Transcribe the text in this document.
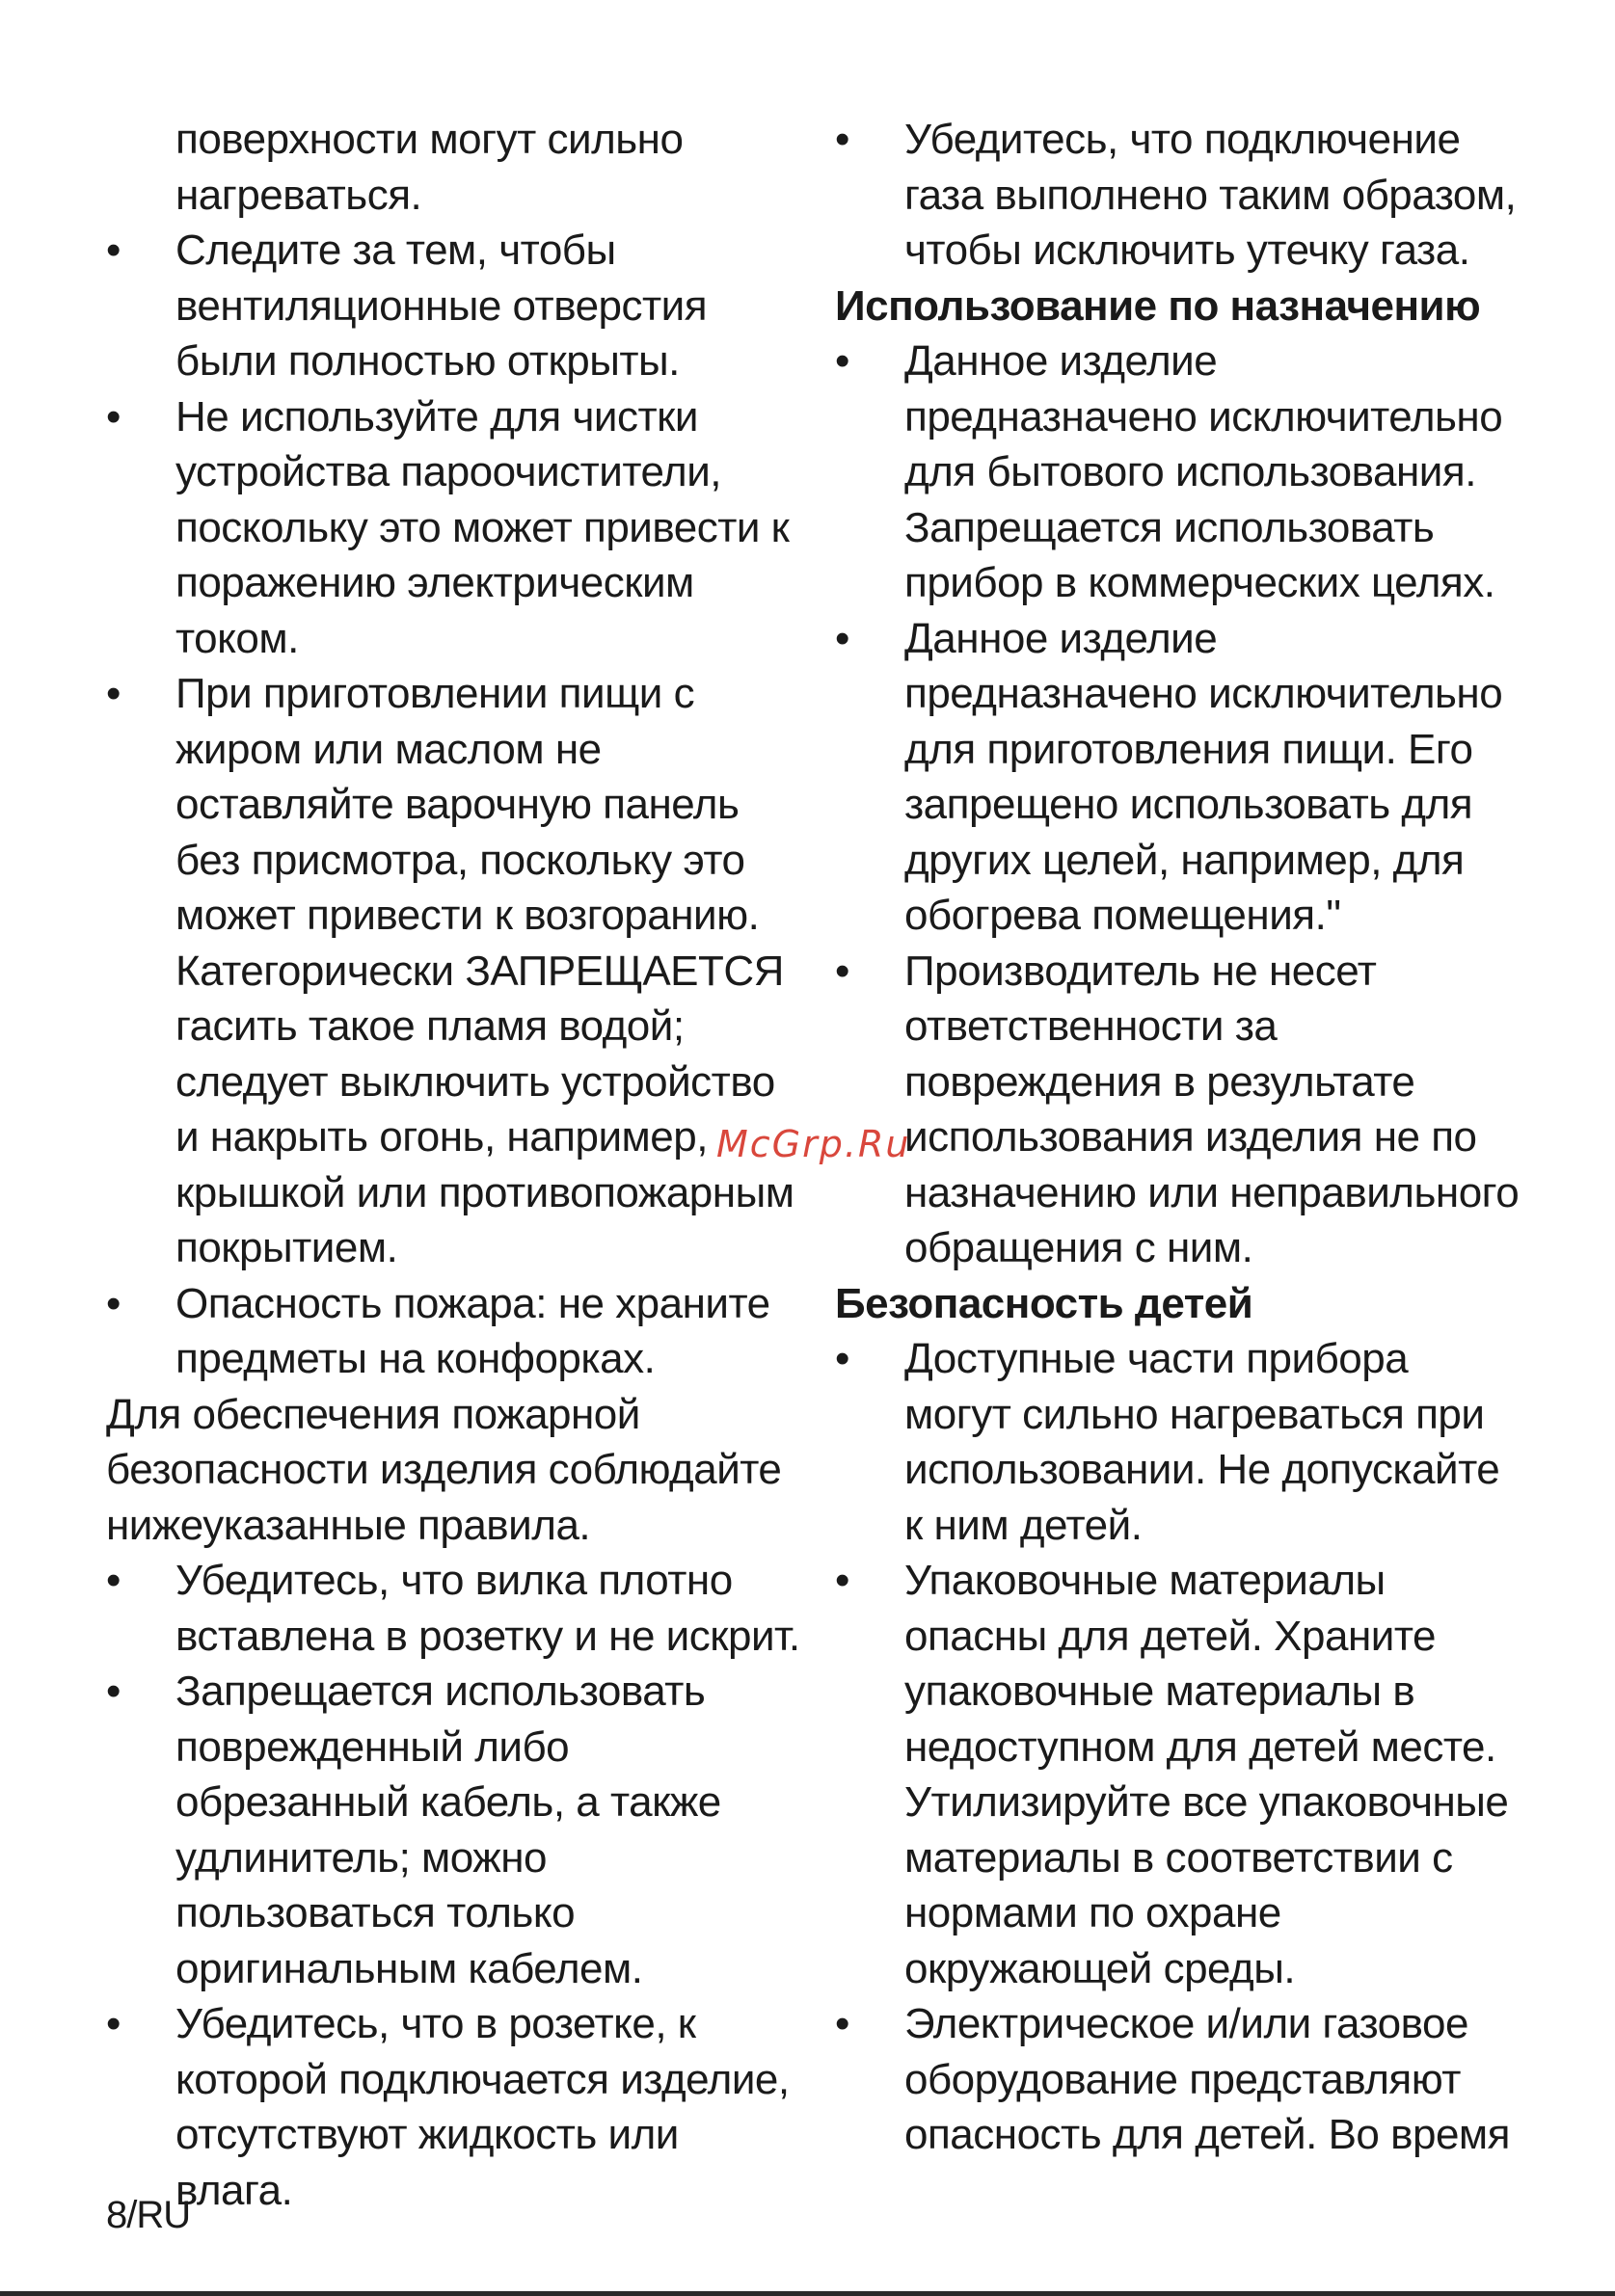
поверхности могут сильно нагреваться.
• Следите за тем, чтобы вентиляционные отверстия были полностью открыты.
• Не используйте для чистки устройства пароочистители, поскольку это может привести к поражению электрическим током.
• При приготовлении пищи с жиром или маслом не оставляйте варочную панель без присмотра, поскольку это может привести к возгоранию. Категорически ЗАПРЕЩАЕТСЯ гасить такое пламя водой; следует выключить устройство и накрыть огонь, например, крышкой или противопожарным покрытием.
• Опасность пожара: не храните предметы на конфорках.

Для обеспечения пожарной безопасности изделия соблюдайте нижеуказанные правила.

• Убедитесь, что вилка плотно вставлена в розетку и не искрит.
• Запрещается использовать поврежденный либо обрезанный кабель, а также удлинитель; можно пользоваться только оригинальным кабелем.
• Убедитесь, что в розетке, к которой подключается изделие, отсутствуют жидкость или влага.
• Убедитесь, что подключение газа выполнено таким образом, чтобы исключить утечку газа.
Использование по назначению
• Данное изделие предназначено исключительно для бытового использования. Запрещается использовать прибор в коммерческих целях.
• Данное изделие предназначено исключительно для приготовления пищи. Его запрещено использовать для других целей, например, для обогрева помещения."
• Производитель не несет ответственности за повреждения в результате использования изделия не по назначению или неправильного обращения с ним.
Безопасность детей
• Доступные части прибора могут сильно нагреваться при использовании. Не допускайте к ним детей.
• Упаковочные материалы опасны для детей. Храните упаковочные материалы в недоступном для детей месте. Утилизируйте все упаковочные материалы в соответствии с нормами по охране окружающей среды.
• Электрическое и/или газовое оборудование представляют опасность для детей. Во время
McGrp.Ru
8/RU
